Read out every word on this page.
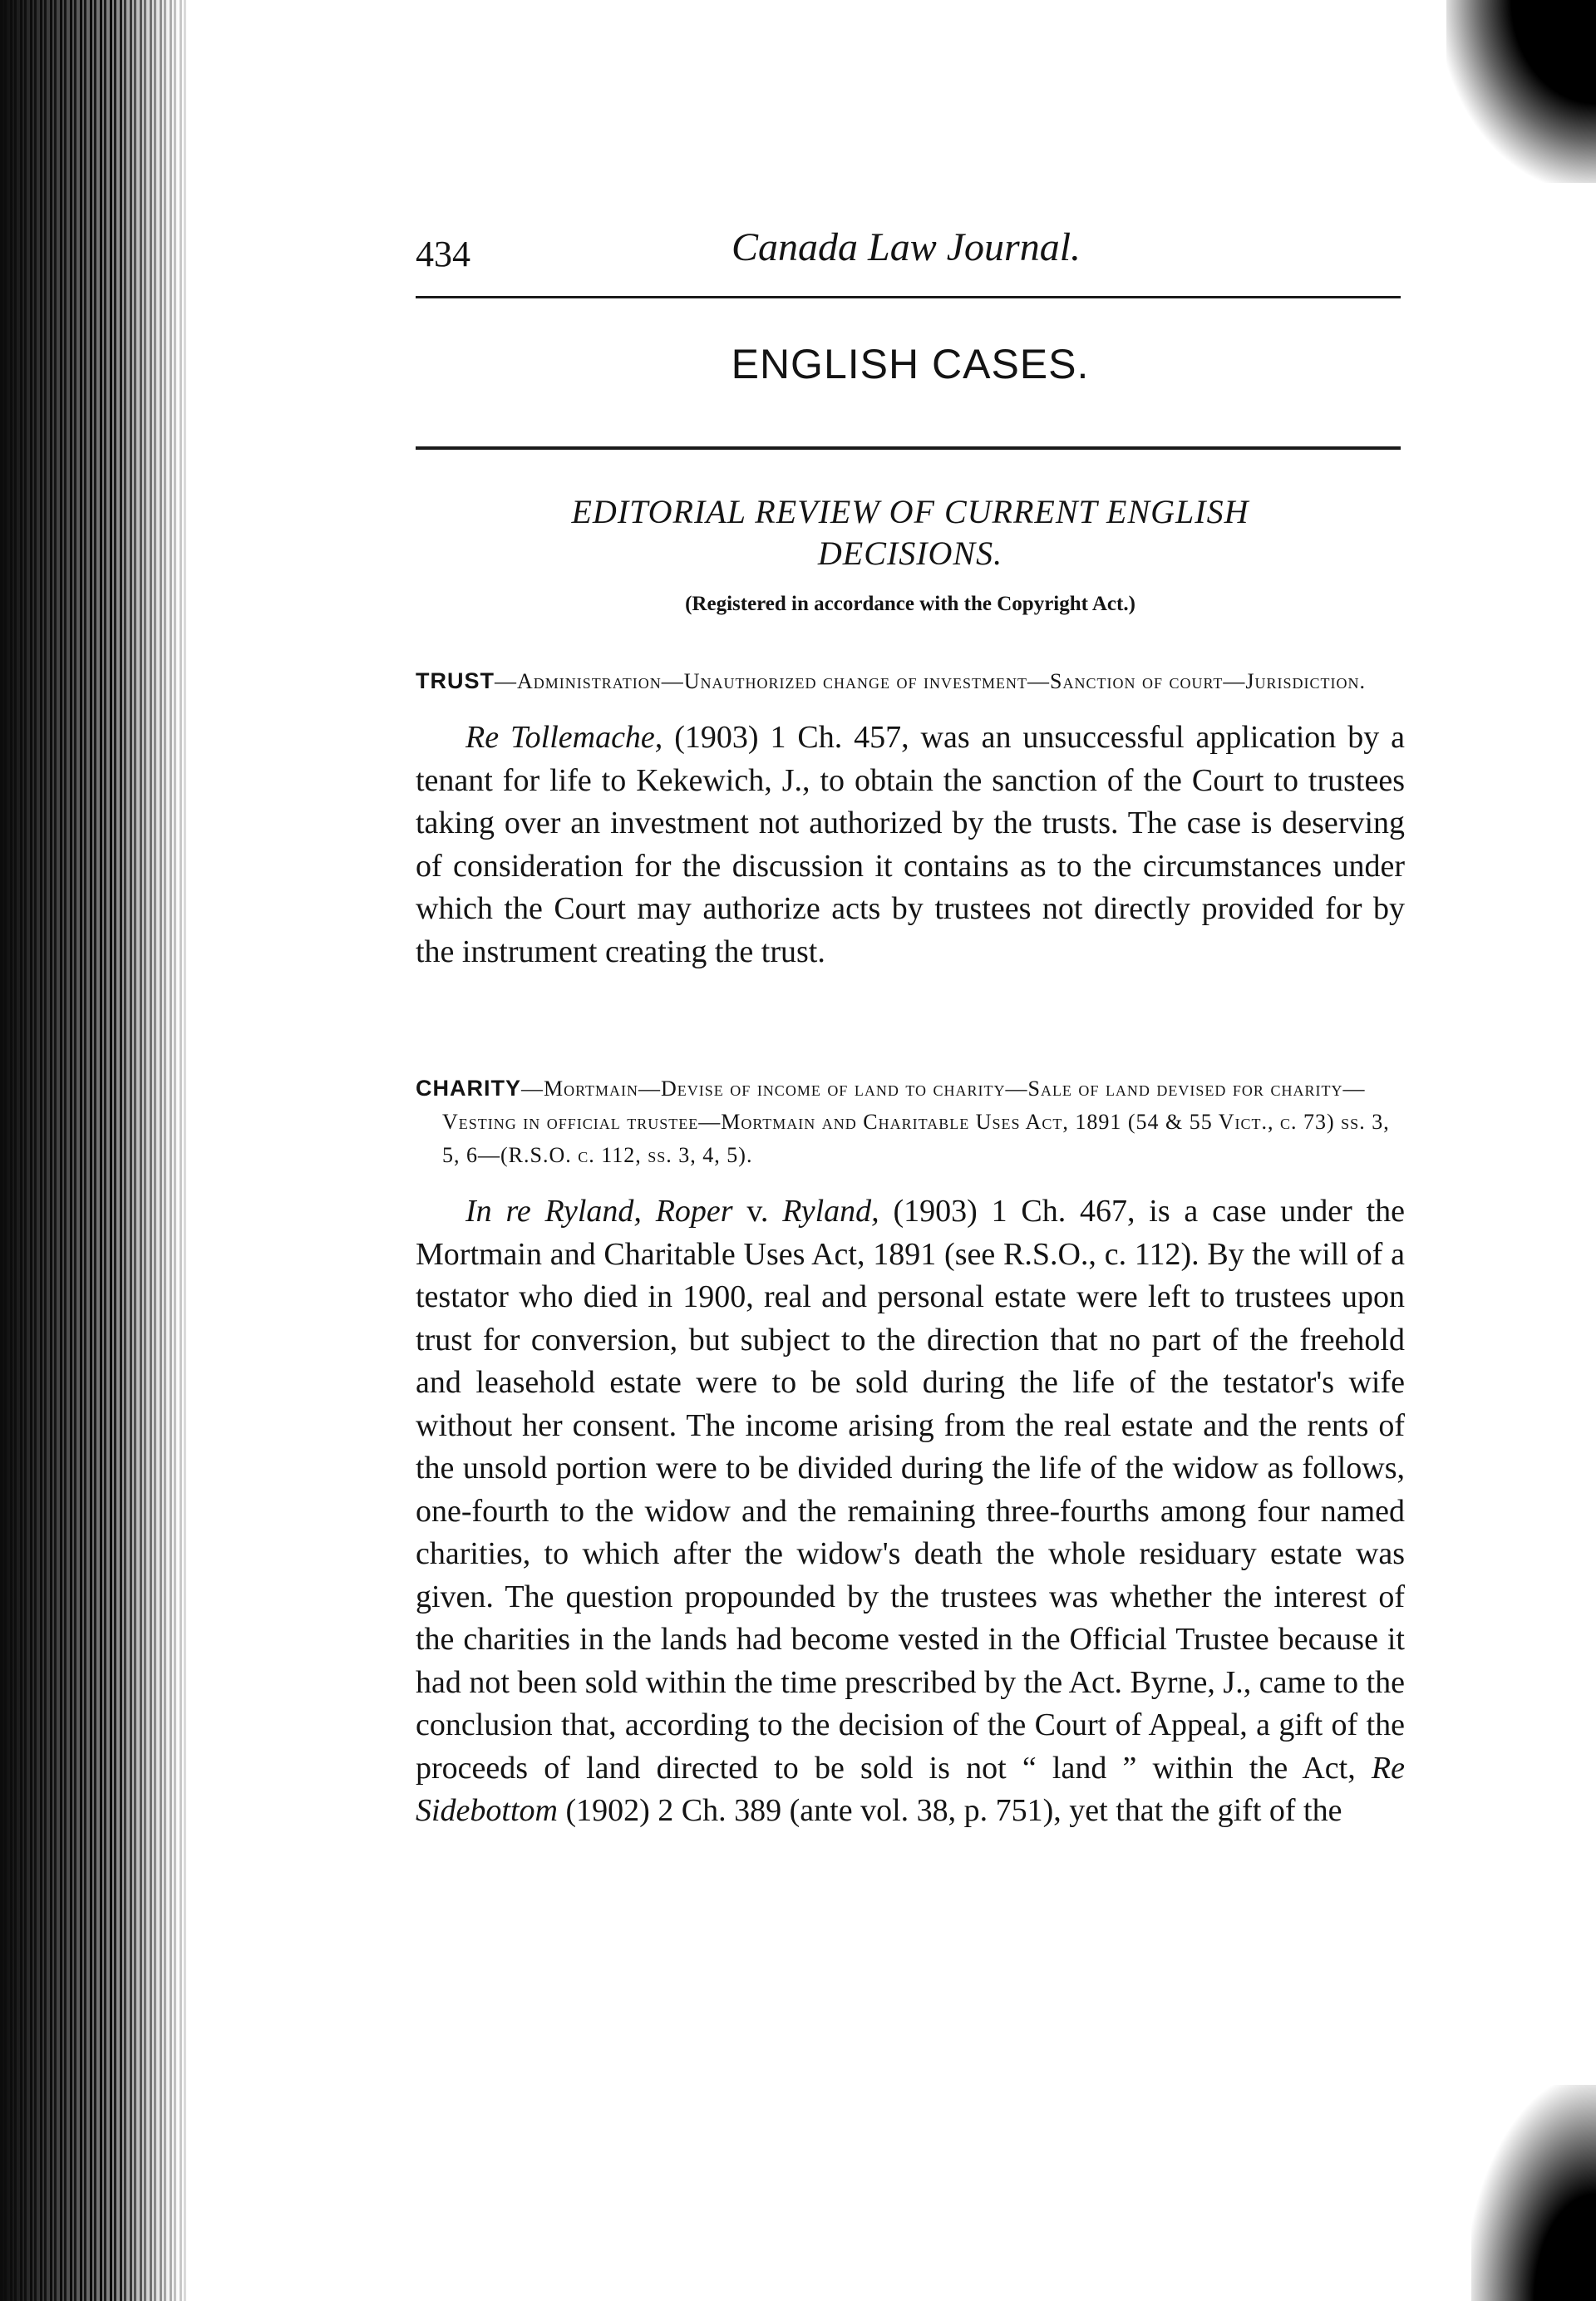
434	Canada Law Journal.
ENGLISH CASES.
EDITORIAL REVIEW OF CURRENT ENGLISH
DECISIONS.
(Registered in accordance with the Copyright Act.)
TRUST—Administration—Unauthorized change of investment—Sanction of court—Jurisdiction.
Re Tollemache, (1903) 1 Ch. 457, was an unsuccessful application by a tenant for life to Kekewich, J., to obtain the sanction of the Court to trustees taking over an investment not authorized by the trusts. The case is deserving of consideration for the discussion it contains as to the circumstances under which the Court may authorize acts by trustees not directly provided for by the instrument creating the trust.
CHARITY—Mortmain—Devise of income of land to charity—Sale of land devised for charity—Vesting in official trustee—Mortmain and Charitable Uses Act, 1891 (54 & 55 Vict., c. 73) ss. 3, 5, 6—(R.S.O. c. 112, ss. 3, 4, 5).
In re Ryland, Roper v. Ryland, (1903) 1 Ch. 467, is a case under the Mortmain and Charitable Uses Act, 1891 (see R.S.O., c. 112). By the will of a testator who died in 1900, real and personal estate were left to trustees upon trust for conversion, but subject to the direction that no part of the freehold and leasehold estate were to be sold during the life of the testator's wife without her consent. The income arising from the real estate and the rents of the unsold portion were to be divided during the life of the widow as follows, one-fourth to the widow and the remaining three-fourths among four named charities, to which after the widow's death the whole residuary estate was given. The question propounded by the trustees was whether the interest of the charities in the lands had become vested in the Official Trustee because it had not been sold within the time prescribed by the Act. Byrne, J., came to the conclusion that, according to the decision of the Court of Appeal, a gift of the proceeds of land directed to be sold is not “ land ” within the Act, Re Sidebottom (1902) 2 Ch. 389 (ante vol. 38, p. 751), yet that the gift of the
